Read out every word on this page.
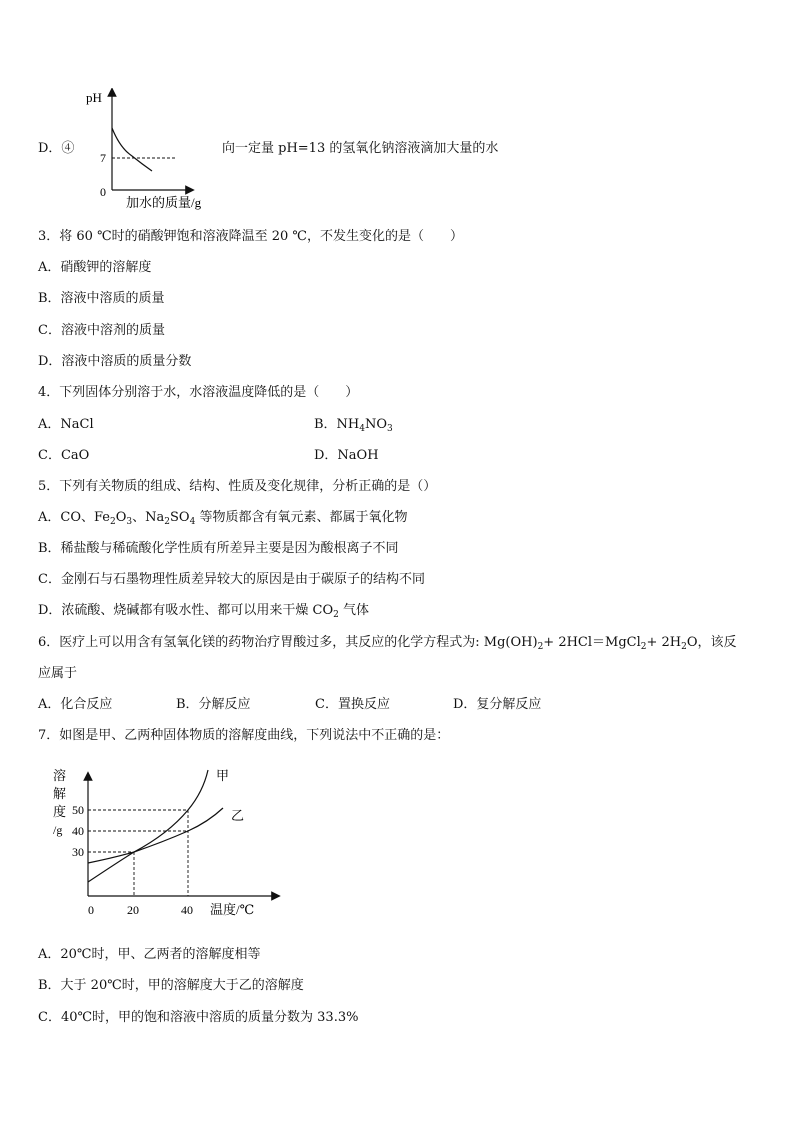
D．④
pH
7
0
加水的质量/g
向一定量 pH=13 的氢氧化钠溶液滴加大量的水
3．将 60 ℃时的硝酸钾饱和溶液降温至 20 ℃，不发生变化的是（　　）
A．硝酸钾的溶解度
B．溶液中溶质的质量
C．溶液中溶剂的质量
D．溶液中溶质的质量分数
4．下列固体分别溶于水，水溶液温度降低的是（　　）
A．NaCl	B．$NH_4NO_3$
C．CaO	D．NaOH
5．下列有关物质的组成、结构、性质及变化规律，分析正确的是（）
A．CO、$Fe_2O_3$、$Na_2SO_4$ 等物质都含有氧元素、都属于氧化物
B．稀盐酸与稀硫酸化学性质有所差异主要是因为酸根离子不同
C．金刚石与石墨物理性质差异较大的原因是由于碳原子的结构不同
D．浓硫酸、烧碱都有吸水性、都可以用来干燥 $CO_2$ 气体
6．医疗上可以用含有氢氧化镁的药物治疗胃酸过多，其反应的化学方程式为: $Mg(OH)_2+$ 2HCl＝MgCl$_2$+ $2H_2O$，该反
应属于
A．化合反应	B．分解反应	C．置换反应	D．复分解反应
7．如图是甲、乙两种固体物质的溶解度曲线，下列说法中不正确的是：
溶
解
度
/g
50
40
30
0	20	40 温度/℃
甲
乙
A．20℃时，甲、乙两者的溶解度相等
B．大于 20℃时，甲的溶解度大于乙的溶解度
C．40℃时，甲的饱和溶液中溶质的质量分数为 33.3%
